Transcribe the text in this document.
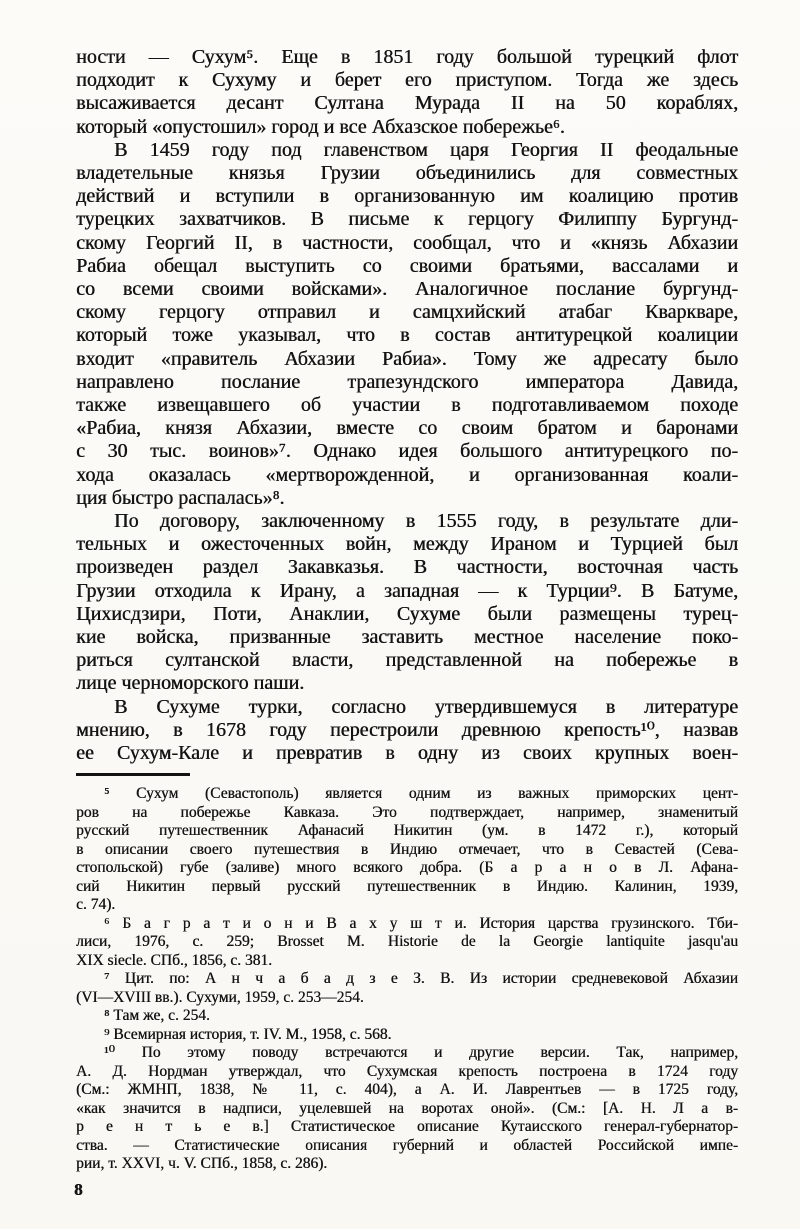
ности — Сухум⁵. Еще в 1851 году большой турецкий флот
подходит к Сухуму и берет его приступом. Тогда же здесь
высаживается десант Султана Мурада II на 50 кораблях,
который «опустошил» город и все Абхазское побережье⁶.
В 1459 году под главенством царя Георгия II феодальные
владетельные князья Грузии объединились для совместных
действий и вступили в организованную им коалицию против
турецких захватчиков. В письме к герцогу Филиппу Бургунд-
скому Георгий II, в частности, сообщал, что и «князь Абхазии
Рабиа обещал выступить со своими братьями, вассалами и
со всеми своими войсками». Аналогичное послание бургунд-
скому герцогу отправил и самцхийский атабаг Кваркваре,
который тоже указывал, что в состав антитурецкой коалиции
входит «правитель Абхазии Рабиа». Тому же адресату было
направлено послание трапезундского императора Давида,
также извещавшего об участии в подготавливаемом походе
«Рабиа, князя Абхазии, вместе со своим братом и баронами
с 30 тыс. воинов»⁷. Однако идея большого антитурецкого по-
хода оказалась «мертворожденной, и организованная коали-
ция быстро распалась»⁸.
По договору, заключенному в 1555 году, в результате дли-
тельных и ожесточенных войн, между Ираном и Турцией был
произведен раздел Закавказья. В частности, восточная часть
Грузии отходила к Ирану, а западная — к Турции⁹. В Батуме,
Цихисдзири, Поти, Анаклии, Сухуме были размещены турец-
кие войска, призванные заставить местное население поко-
риться султанской власти, представленной на побережье в
лице черноморского паши.
В Сухуме турки, согласно утвердившемуся в литературе
мнению, в 1678 году перестроили древнюю крепость¹⁰, назвав
ее Сухум-Кале и превратив в одну из своих крупных воен-
⁵ Сухум (Севастополь) является одним из важных приморских цент-
ров на побережье Кавказа. Это подтверждает, например, знаменитый
русский путешественник Афанасий Никитин (ум. в 1472 г.), который
в описании своего путешествия в Индию отмечает, что в Севастей (Сева-
стопольской) губе (заливе) много всякого добра. (Б а р а н о в Л. Афана-
сий Никитин первый русский путешественник в Индию. Калинин, 1939,
с. 74).
⁶ Б а г р а т и о н и В а х у ш т и. История царства грузинского. Тби-
лиси, 1976, с. 259; Brosset M. Historie de la Georgie lantiquite jasqu'au
XIX siecle. СПб., 1856, с. 381.
⁷ Цит. по: А н ч а б а д з е З. В. Из истории средневековой Абхазии
(VI—XVIII вв.). Сухуми, 1959, с. 253—254.
⁸ Там же, с. 254.
⁹ Всемирная история, т. IV. М., 1958, с. 568.
¹⁰ По этому поводу встречаются и другие версии. Так, например,
А. Д. Нордман утверждал, что Сухумская крепость построена в 1724 году
(См.: ЖМНП, 1838, № 11, с. 404), а А. И. Лаврентьев — в 1725 году,
«как значится в надписи, уцелевшей на воротах оной». (См.: [А. Н. Л а в-
р е н т ь е в.] Статистическое описание Кутаисского генерал-губернатор-
ства. — Статистические описания губерний и областей Российской импе-
рии, т. XXVI, ч. V. СПб., 1858, с. 286).
8
